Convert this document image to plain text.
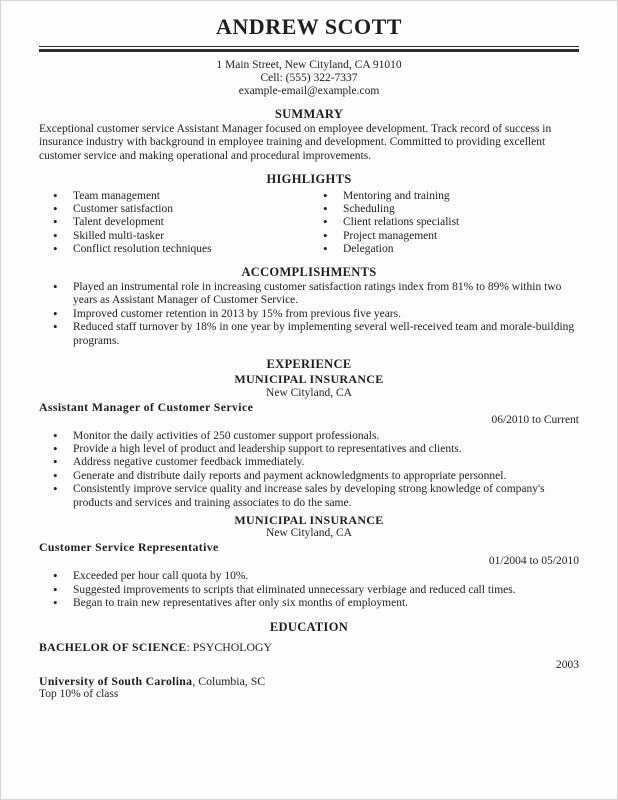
ANDREW SCOTT
1 Main Street, New Cityland, CA 91010
Cell: (555) 322-7337
example-email@example.com
SUMMARY

Exceptional customer service Assistant Manager focused on employee development. Track record of success in insurance industry with background in employee training and development. Committed to providing excellent customer service and making operational and procedural improvements.

HIGHLIGHTS
• Team management
• Customer satisfaction
• Talent development
• Skilled multi-tasker
• Conflict resolution techniques
• Mentoring and training
• Scheduling
• Client relations specialist
• Project management
• Delegation
ACCOMPLISHMENTS
• Played an instrumental role in increasing customer satisfaction ratings index from 81% to 89% within two years as Assistant Manager of Customer Service.
• Improved customer retention in 2013 by 15% from previous five years.
• Reduced staff turnover by 18% in one year by implementing several well-received team and morale-building programs.
EXPERIENCE
MUNICIPAL INSURANCE
New Cityland, CA
Assistant Manager of Customer Service
06/2010 to Current
• Monitor the daily activities of 250 customer support professionals.
• Provide a high level of product and leadership support to representatives and clients.
• Address negative customer feedback immediately.
• Generate and distribute daily reports and payment acknowledgments to appropriate personnel.
• Consistently improve service quality and increase sales by developing strong knowledge of company's products and services and training associates to do the same.
MUNICIPAL INSURANCE
New Cityland, CA
Customer Service Representative
01/2004 to 05/2010
• Exceeded per hour call quota by 10%.
• Suggested improvements to scripts that eliminated unnecessary verbiage and reduced call times.
• Began to train new representatives after only six months of employment.
EDUCATION
BACHELOR OF SCIENCE: PSYCHOLOGY
2003
University of South Carolina, Columbia, SC
Top 10% of class
